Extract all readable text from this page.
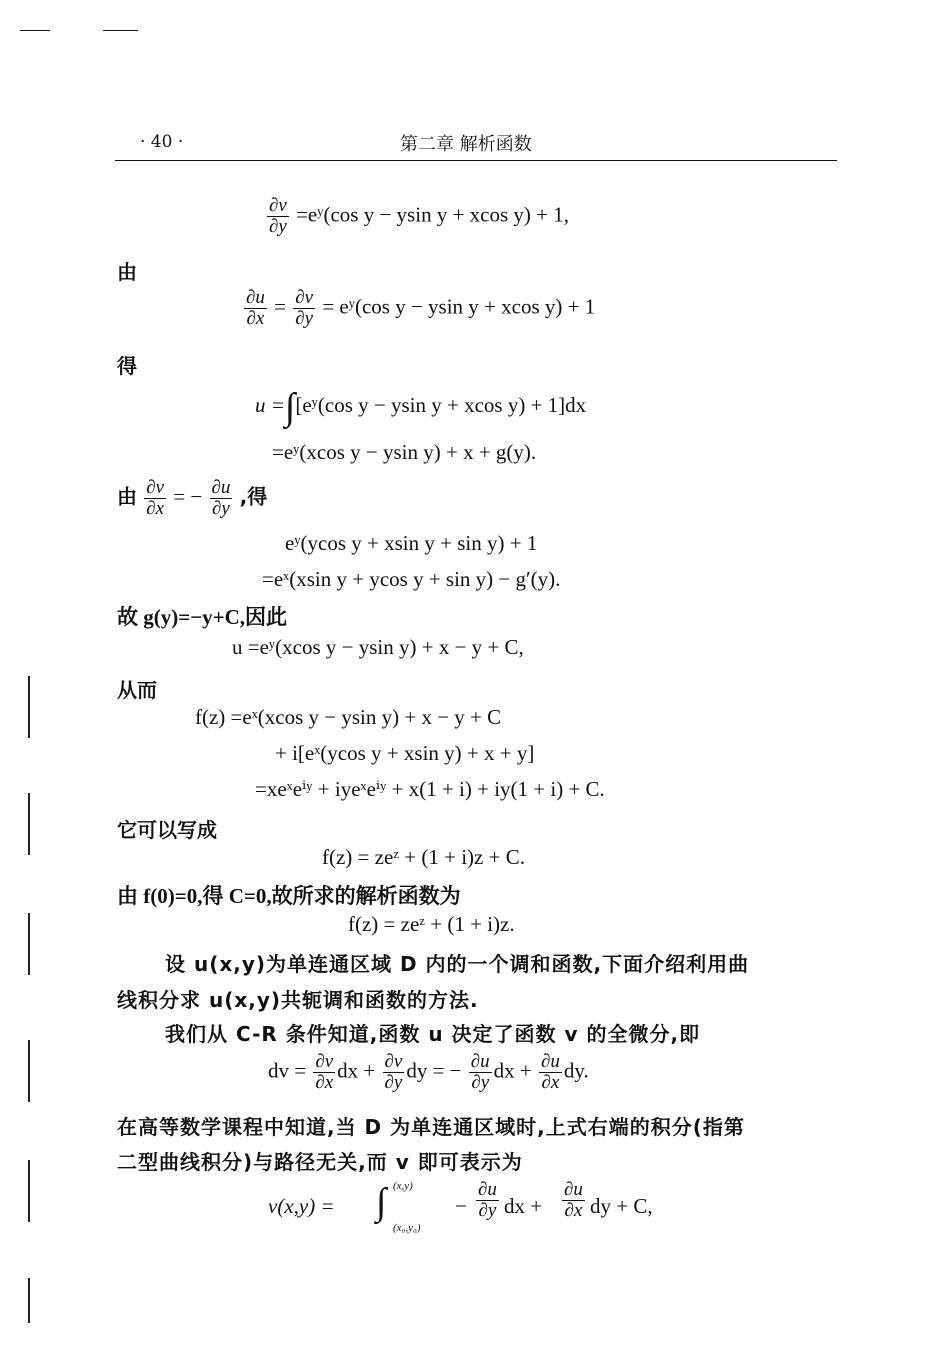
· 40 ·	第二章 解析函数
$\frac{\partial v}{\partial y}$ =eʸ(cos y − ysin y + xcos y) + 1,
由
$\frac{\partial u}{\partial x} = \frac{\partial v}{\partial y}$ = eʸ(cos y − ysin y + xcos y) + 1
得
u =∫[eʸ(cos y − ysin y + xcos y) + 1]dx
=eʸ(xcos y − ysin y) + x + g(y).
由 $\frac{\partial v}{\partial x}$ = − $\frac{\partial u}{\partial y}$ ,得
eʸ(ycos y + xsin y + sin y) + 1
=eˣ(xsin y + ycos y + sin y) − g′(y).
故 g(y)=−y+C,因此
u =eʸ(xcos y − ysin y) + x − y + C,
从而
f(z) =eˣ(xcos y − ysin y) + x − y + C
+ i[eˣ(ycos y + xsin y) + x + y]
=xeˣeⁱʸ + iyeˣeⁱʸ + x(1 + i) + iy(1 + i) + C.
它可以写成
f(z) = zeᶻ + (1 + i)z + C.
由 f(0)=0,得 C=0,故所求的解析函数为
f(z) = zeᶻ + (1 + i)z.
设 u(x,y)为单连通区域 D 内的一个调和函数,下面介绍利用曲
线积分求 u(x,y)共轭调和函数的方法.
我们从 C-R 条件知道,函数 u 决定了函数 v 的全微分,即
dv = $\frac{\partial v}{\partial x}$ dx + $\frac{\partial v}{\partial y}$ dy = − $\frac{\partial u}{\partial y}$ dx + $\frac{\partial u}{\partial x}$ dy.
在高等数学课程中知道,当 D 为单连通区域时,上式右端的积分(指第
二型曲线积分)与路径无关,而 v 即可表示为
v(x,y) = ∫ (x,y)
(x₀,y₀)
− $\frac{\partial u}{\partial y}$ dx + $\frac{\partial u}{\partial x}$ dy + C,
